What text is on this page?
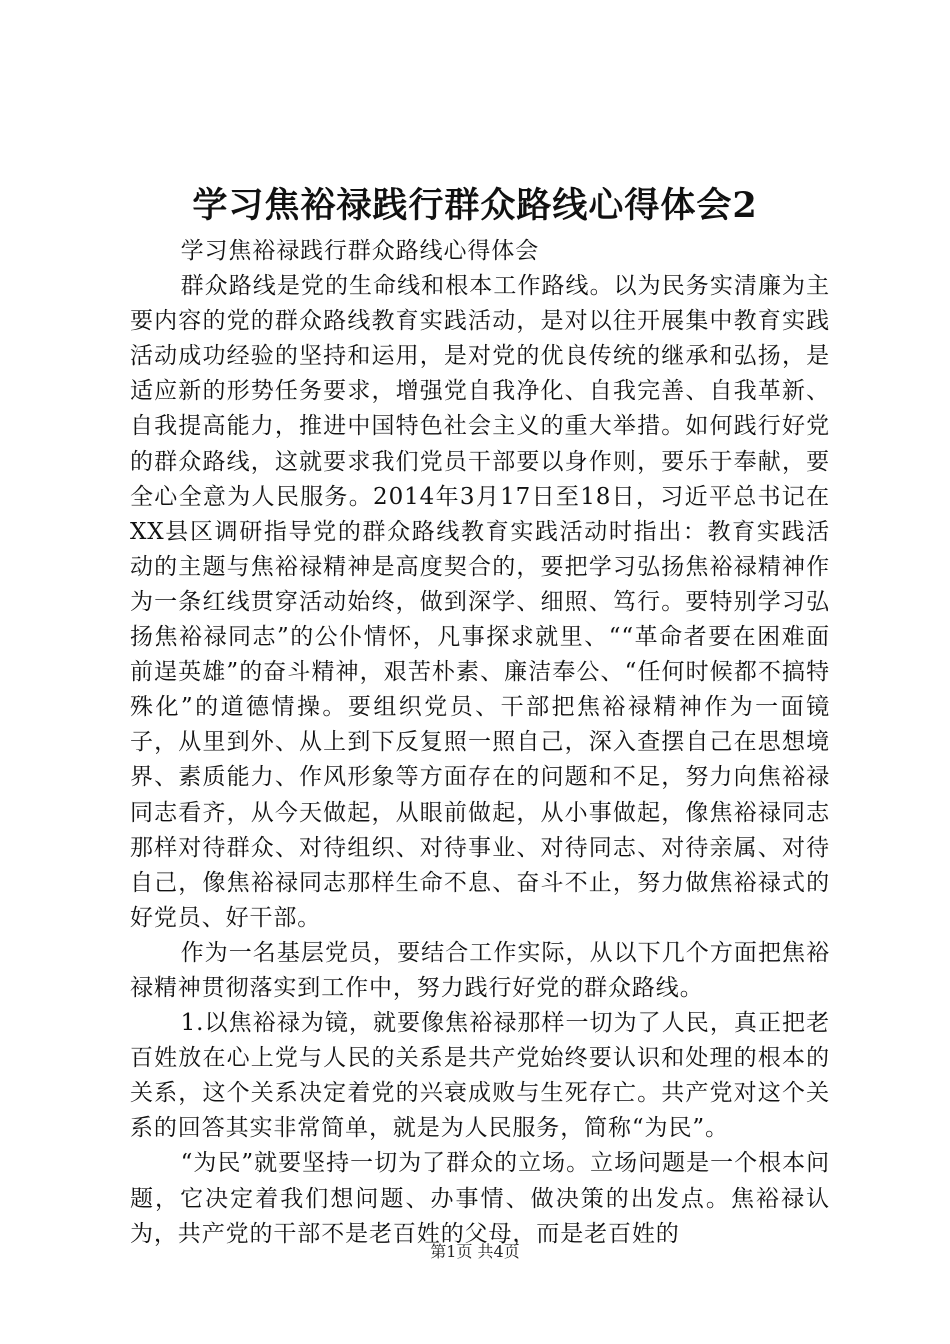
学习焦裕禄践行群众路线心得体会2

学习焦裕禄践行群众路线心得体会

群众路线是党的生命线和根本工作路线。以为民务实清廉为主要内容的党的群众路线教育实践活动，是对以往开展集中教育实践活动成功经验的坚持和运用，是对党的优良传统的继承和弘扬，是适应新的形势任务要求，增强党自我净化、自我完善、自我革新、自我提高能力，推进中国特色社会主义的重大举措。如何践行好党的群众路线，这就要求我们党员干部要以身作则，要乐于奉献，要全心全意为人民服务。2014年3月17日至18日，习近平总书记在XX县区调研指导党的群众路线教育实践活动时指出：教育实践活动的主题与焦裕禄精神是高度契合的，要把学习弘扬焦裕禄精神作为一条红线贯穿活动始终，做到深学、细照、笃行。要特别学习弘扬焦裕禄同志”的公仆情怀，凡事探求就里、““革命者要在困难面前逞英雄”的奋斗精神，艰苦朴素、廉洁奉公、“任何时候都不搞特殊化”的道德情操。要组织党员、干部把焦裕禄精神作为一面镜子，从里到外、从上到下反复照一照自己，深入查摆自己在思想境界、素质能力、作风形象等方面存在的问题和不足，努力向焦裕禄同志看齐，从今天做起，从眼前做起，从小事做起，像焦裕禄同志那样对待群众、对待组织、对待事业、对待同志、对待亲属、对待自己，像焦裕禄同志那样生命不息、奋斗不止，努力做焦裕禄式的好党员、好干部。

作为一名基层党员，要结合工作实际，从以下几个方面把焦裕禄精神贯彻落实到工作中，努力践行好党的群众路线。

1.以焦裕禄为镜，就要像焦裕禄那样一切为了人民，真正把老百姓放在心上党与人民的关系是共产党始终要认识和处理的根本的关系，这个关系决定着党的兴衰成败与生死存亡。共产党对这个关系的回答其实非常简单，就是为人民服务，简称“为民”。

“为民”就要坚持一切为了群众的立场。立场问题是一个根本问题，它决定着我们想问题、办事情、做决策的出发点。焦裕禄认为，共产党的干部不是老百姓的父母，而是老百姓的

第1页 共4页
